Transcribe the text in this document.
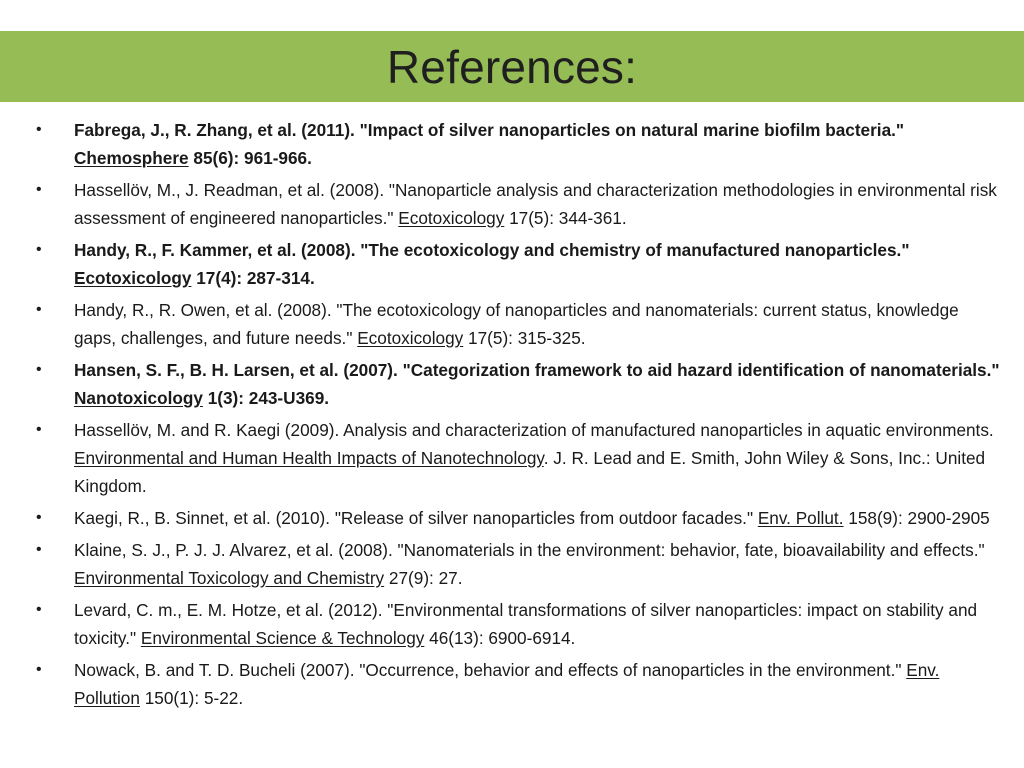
References:
• Fabrega, J., R. Zhang, et al. (2011). "Impact of silver nanoparticles on natural marine biofilm bacteria." Chemosphere 85(6): 961-966.
• Hassellöv, M., J. Readman, et al. (2008). "Nanoparticle analysis and characterization methodologies in environmental risk assessment of engineered nanoparticles." Ecotoxicology 17(5): 344-361.
• Handy, R., F. Kammer, et al. (2008). "The ecotoxicology and chemistry of manufactured nanoparticles." Ecotoxicology 17(4): 287-314.
• Handy, R., R. Owen, et al. (2008). "The ecotoxicology of nanoparticles and nanomaterials: current status, knowledge gaps, challenges, and future needs." Ecotoxicology 17(5): 315-325.
• Hansen, S. F., B. H. Larsen, et al. (2007). "Categorization framework to aid hazard identification of nanomaterials." Nanotoxicology 1(3): 243-U369.
• Hassellöv, M. and R. Kaegi (2009). Analysis and characterization of manufactured nanoparticles in aquatic environments. Environmental and Human Health Impacts of Nanotechnology. J. R. Lead and E. Smith, John Wiley & Sons, Inc.: United Kingdom.
• Kaegi, R., B. Sinnet, et al. (2010). "Release of silver nanoparticles from outdoor facades." Env. Pollut. 158(9): 2900-2905
• Klaine, S. J., P. J. J. Alvarez, et al. (2008). "Nanomaterials in the environment: behavior, fate, bioavailability and effects." Environmental Toxicology and Chemistry 27(9): 27.
• Levard, C. m., E. M. Hotze, et al. (2012). "Environmental transformations of silver nanoparticles: impact on stability and toxicity." Environmental Science & Technology 46(13): 6900-6914.
• Nowack, B. and T. D. Bucheli (2007). "Occurrence, behavior and effects of nanoparticles in the environment." Env. Pollution 150(1): 5-22.
